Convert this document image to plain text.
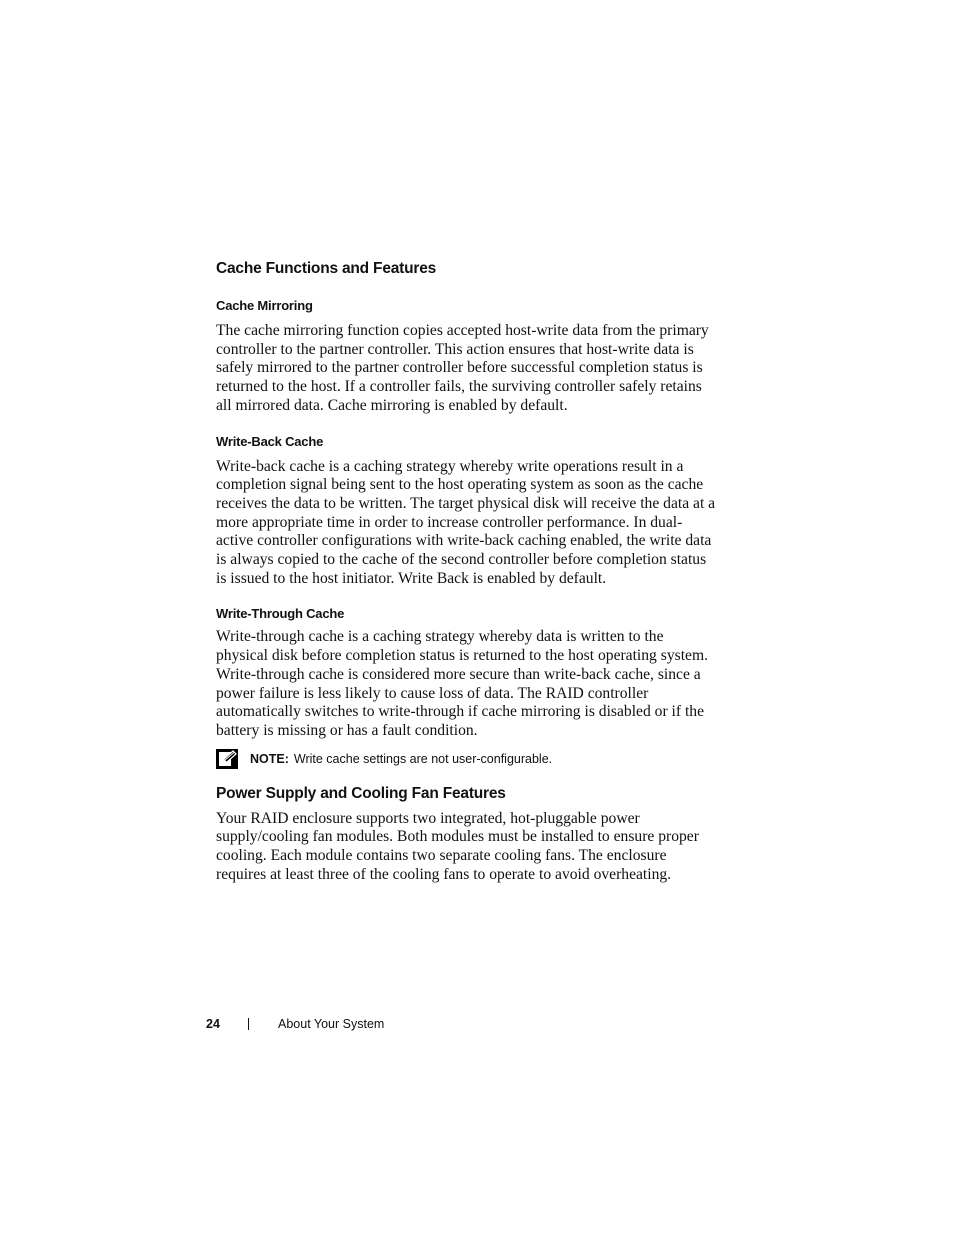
Cache Functions and Features
Cache Mirroring

The cache mirroring function copies accepted host-write data from the primary controller to the partner controller. This action ensures that host-write data is safely mirrored to the partner controller before successful completion status is returned to the host. If a controller fails, the surviving controller safely retains all mirrored data. Cache mirroring is enabled by default.

Write-Back Cache

Write-back cache is a caching strategy whereby write operations result in a completion signal being sent to the host operating system as soon as the cache receives the data to be written. The target physical disk will receive the data at a more appropriate time in order to increase controller performance. In dual-active controller configurations with write-back caching enabled, the write data is always copied to the cache of the second controller before completion status is issued to the host initiator. Write Back is enabled by default.

Write-Through Cache

Write-through cache is a caching strategy whereby data is written to the physical disk before completion status is returned to the host operating system. Write-through cache is considered more secure than write-back cache, since a power failure is less likely to cause loss of data. The RAID controller automatically switches to write-through if cache mirroring is disabled or if the battery is missing or has a fault condition.

NOTE: Write cache settings are not user-configurable.
Power Supply and Cooling Fan Features

Your RAID enclosure supports two integrated, hot-pluggable power supply/cooling fan modules. Both modules must be installed to ensure proper cooling. Each module contains two separate cooling fans. The enclosure requires at least three of the cooling fans to operate to avoid overheating.

24	About Your System
